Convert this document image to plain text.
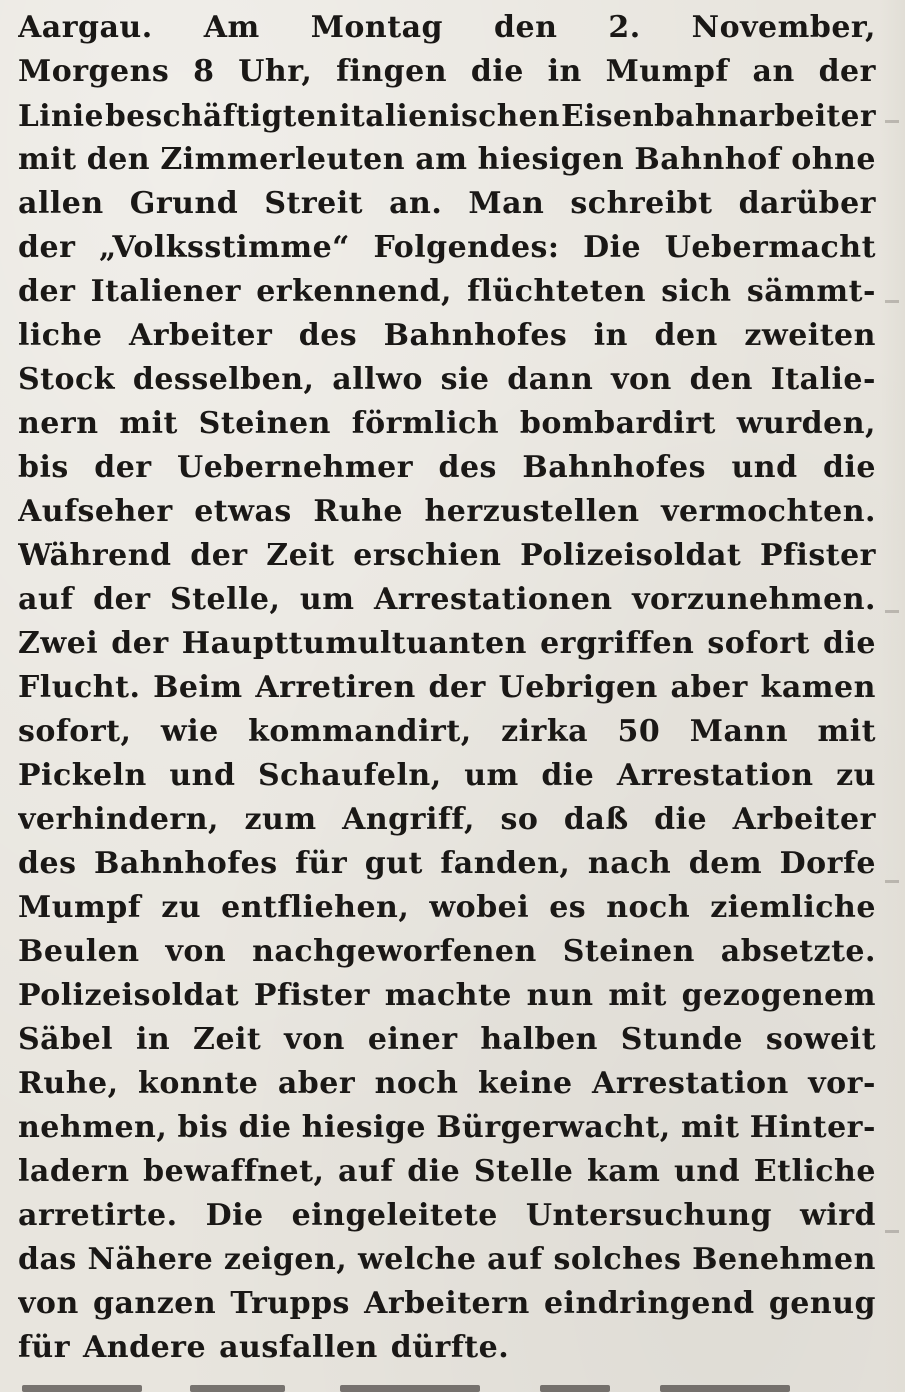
Aargau. Am Montag den 2. November,
Morgens 8 Uhr, fingen die in Mumpf an der
Linie beschäftigten italienischen Eisenbahnarbeiter
mit den Zimmerleuten am hiesigen Bahnhof ohne
allen Grund Streit an. Man schreibt darüber
der „Volksstimme“ Folgendes: Die Uebermacht
der Italiener erkennend, flüchteten sich sämmt-
liche Arbeiter des Bahnhofes in den zweiten
Stock desselben, allwo sie dann von den Italie-
nern mit Steinen förmlich bombardirt wurden,
bis der Uebernehmer des Bahnhofes und die
Aufseher etwas Ruhe herzustellen vermochten.
Während der Zeit erschien Polizeisoldat Pfister
auf der Stelle, um Arrestationen vorzunehmen.
Zwei der Haupttumultuanten ergriffen sofort die
Flucht. Beim Arretiren der Uebrigen aber kamen
sofort, wie kommandirt, zirka 50 Mann mit
Pickeln und Schaufeln, um die Arrestation zu
verhindern, zum Angriff, so daß die Arbeiter
des Bahnhofes für gut fanden, nach dem Dorfe
Mumpf zu entfliehen, wobei es noch ziemliche
Beulen von nachgeworfenen Steinen absetzte.
Polizeisoldat Pfister machte nun mit gezogenem
Säbel in Zeit von einer halben Stunde soweit
Ruhe, konnte aber noch keine Arrestation vor-
nehmen, bis die hiesige Bürgerwacht, mit Hinter-
ladern bewaffnet, auf die Stelle kam und Etliche
arretirte. Die eingeleitete Untersuchung wird
das Nähere zeigen, welche auf solches Benehmen
von ganzen Trupps Arbeitern eindringend genug
für Andere ausfallen dürfte.
